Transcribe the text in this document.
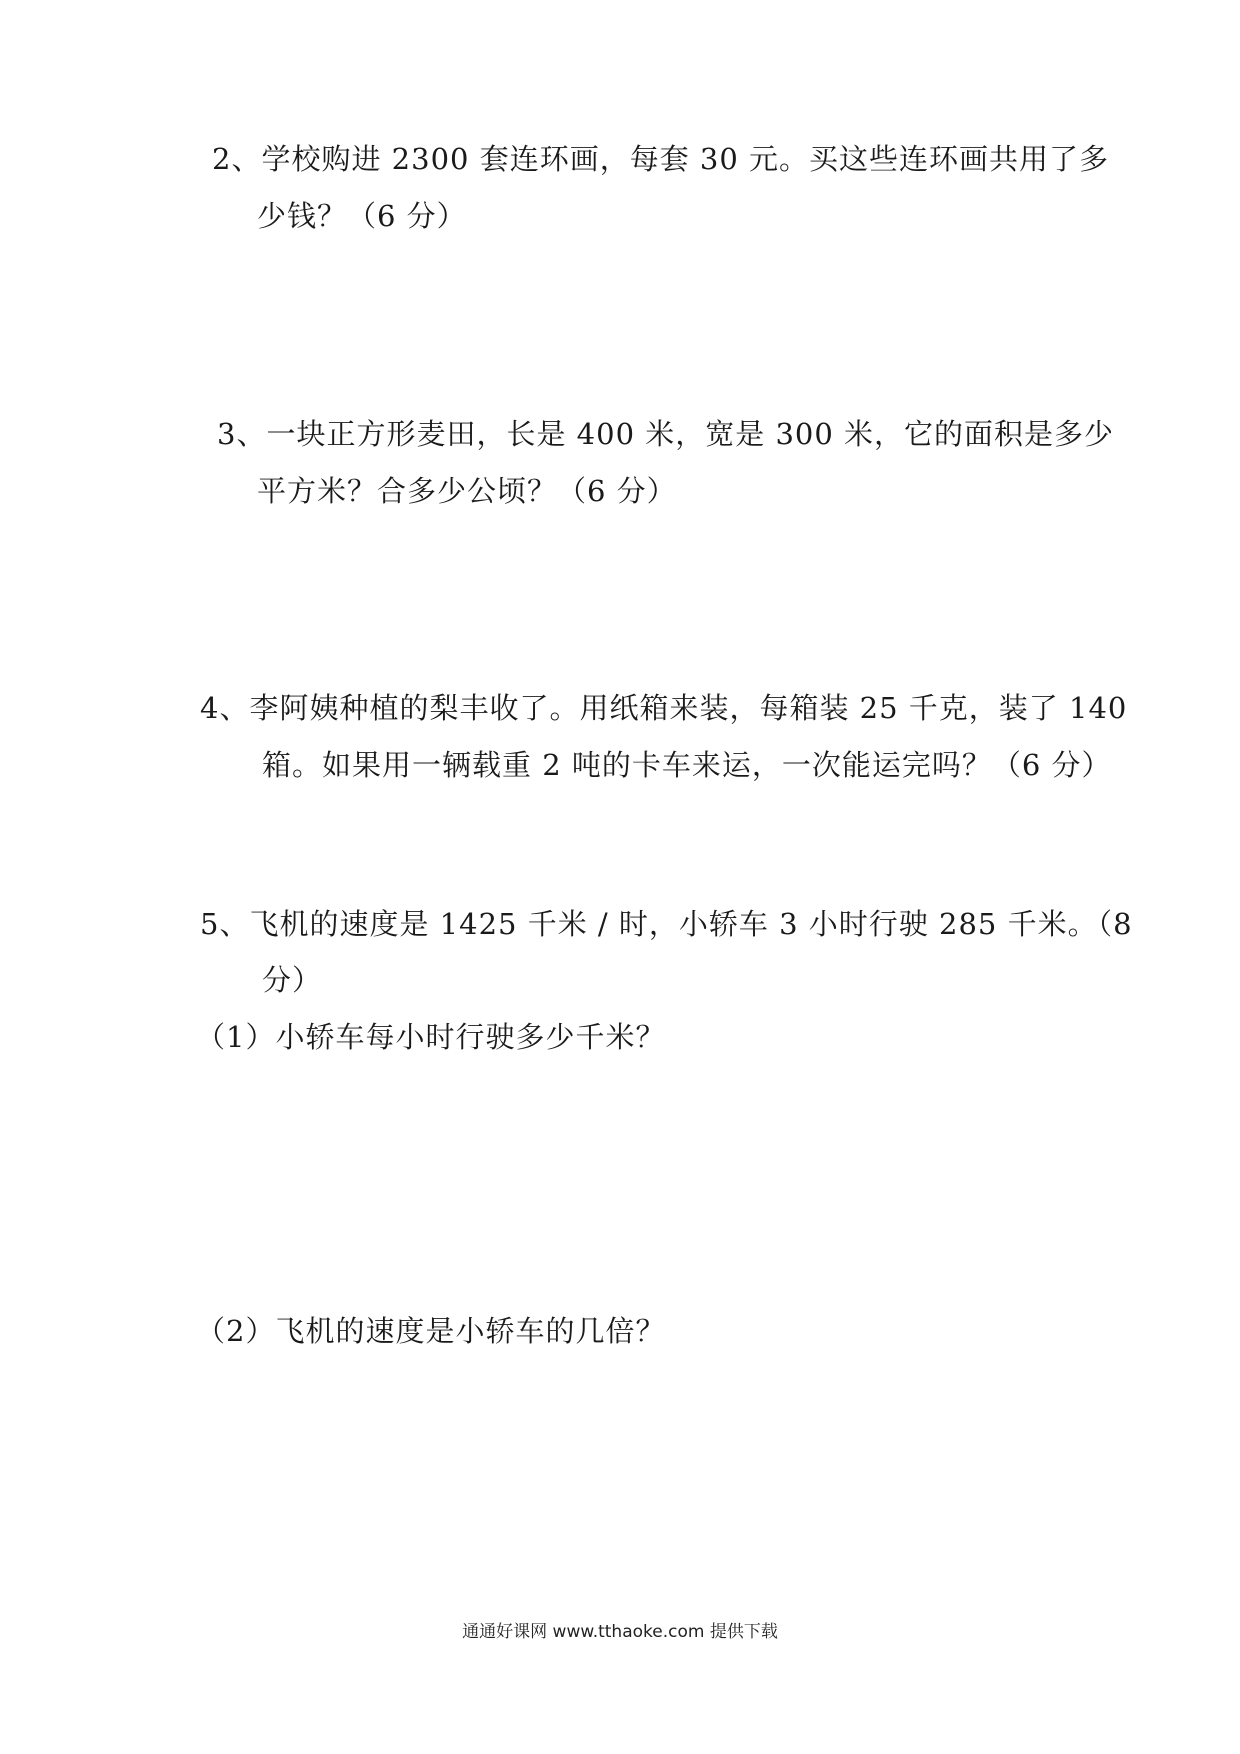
2、学校购进 2300 套连环画，每套 30 元。买这些连环画共用了多
少钱？（6 分）
3、一块正方形麦田，长是 400 米，宽是 300 米，它的面积是多少
平方米？合多少公顷？（6 分）
4、李阿姨种植的梨丰收了。用纸箱来装，每箱装 25 千克，装了 140
箱。如果用一辆载重 2 吨的卡车来运，一次能运完吗？（6 分）
5、飞机的速度是 1425 千米 / 时，小轿车 3 小时行驶 285 千米。（8
分）
（1）小轿车每小时行驶多少千米？
（2）飞机的速度是小轿车的几倍？
通通好课网 www.tthaoke.com 提供下载
